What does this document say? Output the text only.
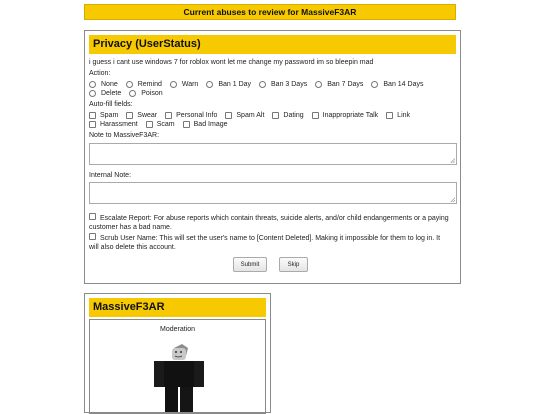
Current abuses to review for MassiveF3AR
Privacy (UserStatus)
i guess i cant use windows 7 for roblox wont let me change my password im so bleepin mad
Action:
None	Remind	Warn	Ban 1 Day	Ban 3 Days	Ban 7 Days	Ban 14 Days
Delete	Poison
Auto-fill fields:
Spam	Swear	Personal Info	Spam Alt	Dating	Inappropriate Talk	Link
Harassment	Scam	Bad Image
Note to MassiveF3AR:
Internal Note:
Escalate Report: For abuse reports which contain threats, suicide alerts, and/or child endangerments or a paying customer has a bad name.
Scrub User Name: This will set the user's name to [Content Deleted]. Making it impossible for them to log in. It will also delete this account.
Submit	Skip
MassiveF3AR
Moderation
